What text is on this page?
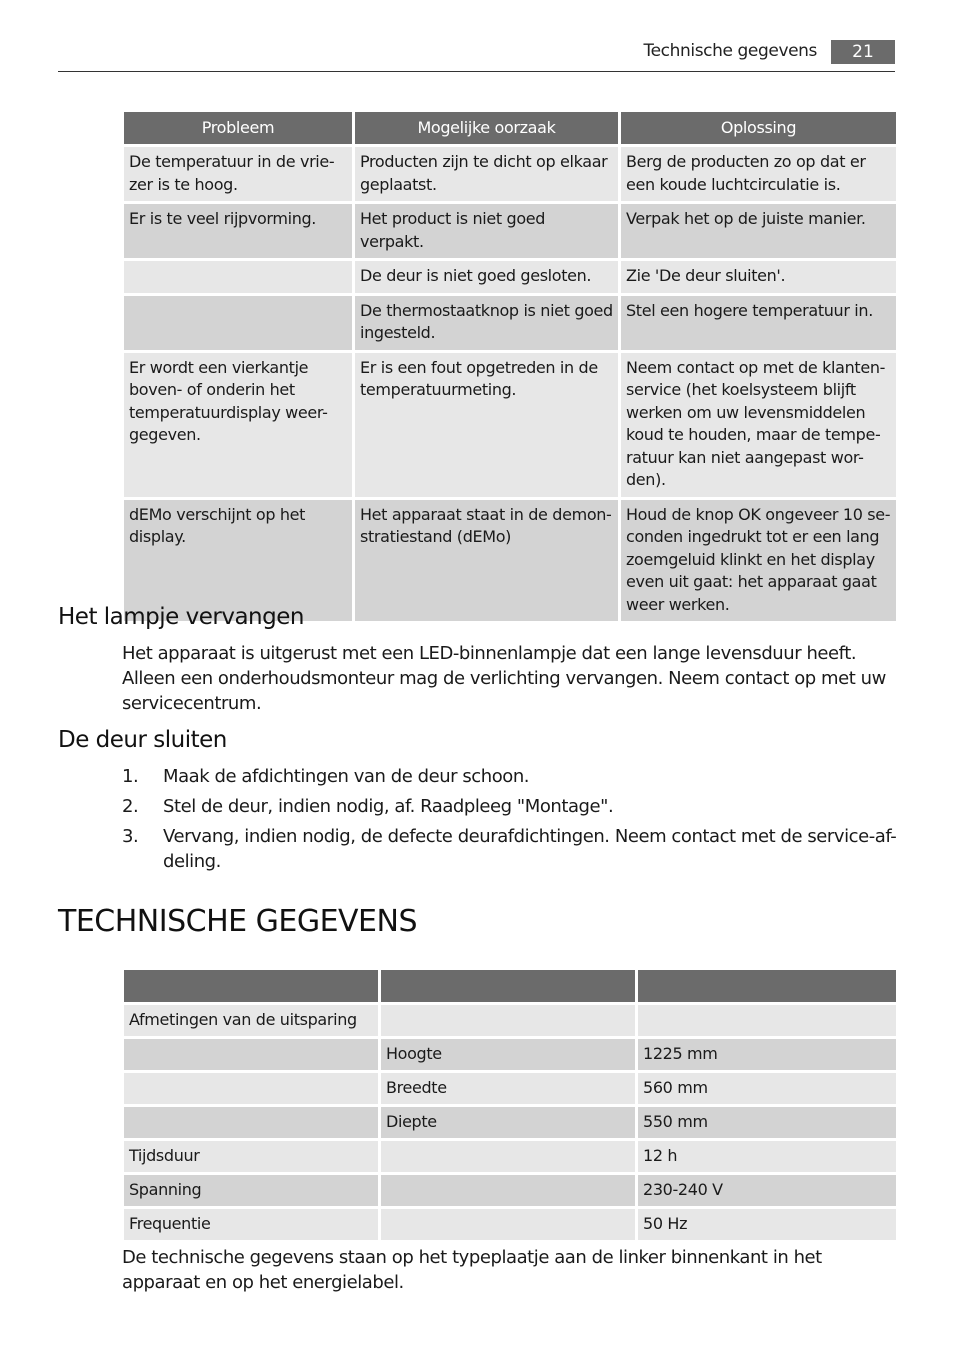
Technische gegevens	21
Probleem	Mogelijke oorzaak	Oplossing
De temperatuur in de vrie-zer is te hoog.	Producten zijn te dicht op elkaar geplaatst.	Berg de producten zo op dat er een koude luchtcirculatie is.
Er is te veel rijpvorming.	Het product is niet goed verpakt.	Verpak het op de juiste manier.
	De deur is niet goed gesloten.	Zie 'De deur sluiten'.
	De thermostaatknop is niet goed ingesteld.	Stel een hogere temperatuur in.
Er wordt een vierkantje boven- of onderin het temperatuurdisplay weer-gegeven.	Er is een fout opgetreden in de temperatuurmeting.	Neem contact op met de klanten-service (het koelsysteem blijft werken om uw levensmiddelen koud te houden, maar de tempe-ratuur kan niet aangepast wor-den).
dEMo verschijnt op het display.	Het apparaat staat in de demon-stratiestand (dEMo)	Houd de knop OK ongeveer 10 se-conden ingedrukt tot er een lang zoemgeluid klinkt en het display even uit gaat: het apparaat gaat weer werken.
Het lampje vervangen

Het apparaat is uitgerust met een LED-binnenlampje dat een lange levensduur heeft. Alleen een onderhoudsmonteur mag de verlichting vervangen. Neem contact op met uw servicecentrum.

De deur sluiten
1. Maak de afdichtingen van de deur schoon.
2. Stel de deur, indien nodig, af. Raadpleeg "Montage".
3. Vervang, indien nodig, de defecte deurafdichtingen. Neem contact met de service-af-deling.
TECHNISCHE GEGEVENS

Afmetingen van de uitsparing		
	Hoogte	1225 mm
	Breedte	560 mm
	Diepte	550 mm
Tijdsduur		12 h
Spanning		230-240 V
Frequentie		50 Hz

De technische gegevens staan op het typeplaatje aan de linker binnenkant in het apparaat en op het energielabel.
